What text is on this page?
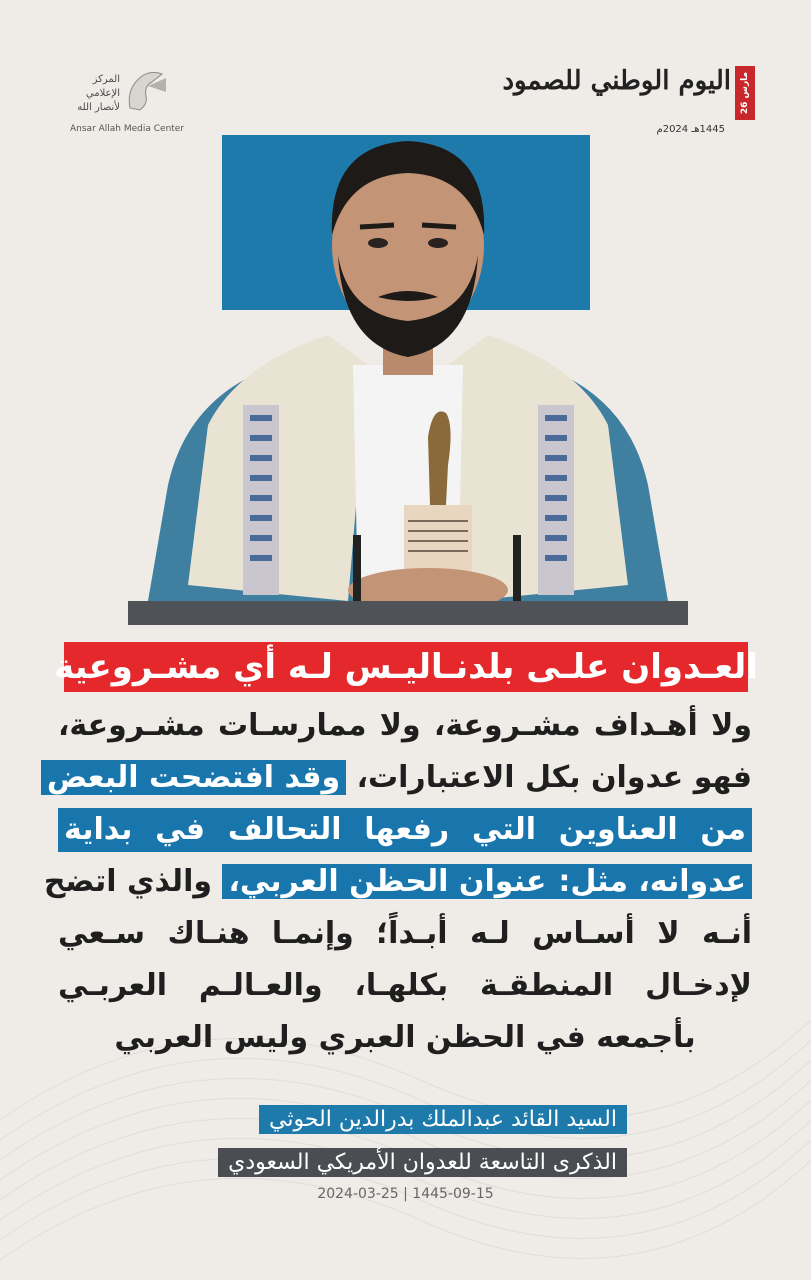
المركز
الإعلامي
لأنصار الله
Ansar Allah Media Center
26 مارس
اليوم الوطني للصمود
1445هـ 2024م
العـدوان علـى بلدنـاليـس لـه أي مشـروعية
ولا أهـداف مشـروعة، ولا ممارسـات مشـروعة،
فهو عدوان بكل الاعتبارات، وقد افتضحت البعض
من العناوين التي رفعها التحالف في بداية
عدوانه، مثل:عنوان الحظن العربي، والذي اتضح
أنـه لا أسـاس لـه أبـداً؛ وإنمـا هنـاك سـعي
لإدخـال المنطقـة بكلهـا، والعـالـم العربـي
بأجمعه في الحظن العبري وليس العربي
السيد القائد عبدالملك بدرالدين الحوثي
الذكرى التاسعة للعدوان الأمريكي السعودي
2024-03-25 | 1445-09-15
